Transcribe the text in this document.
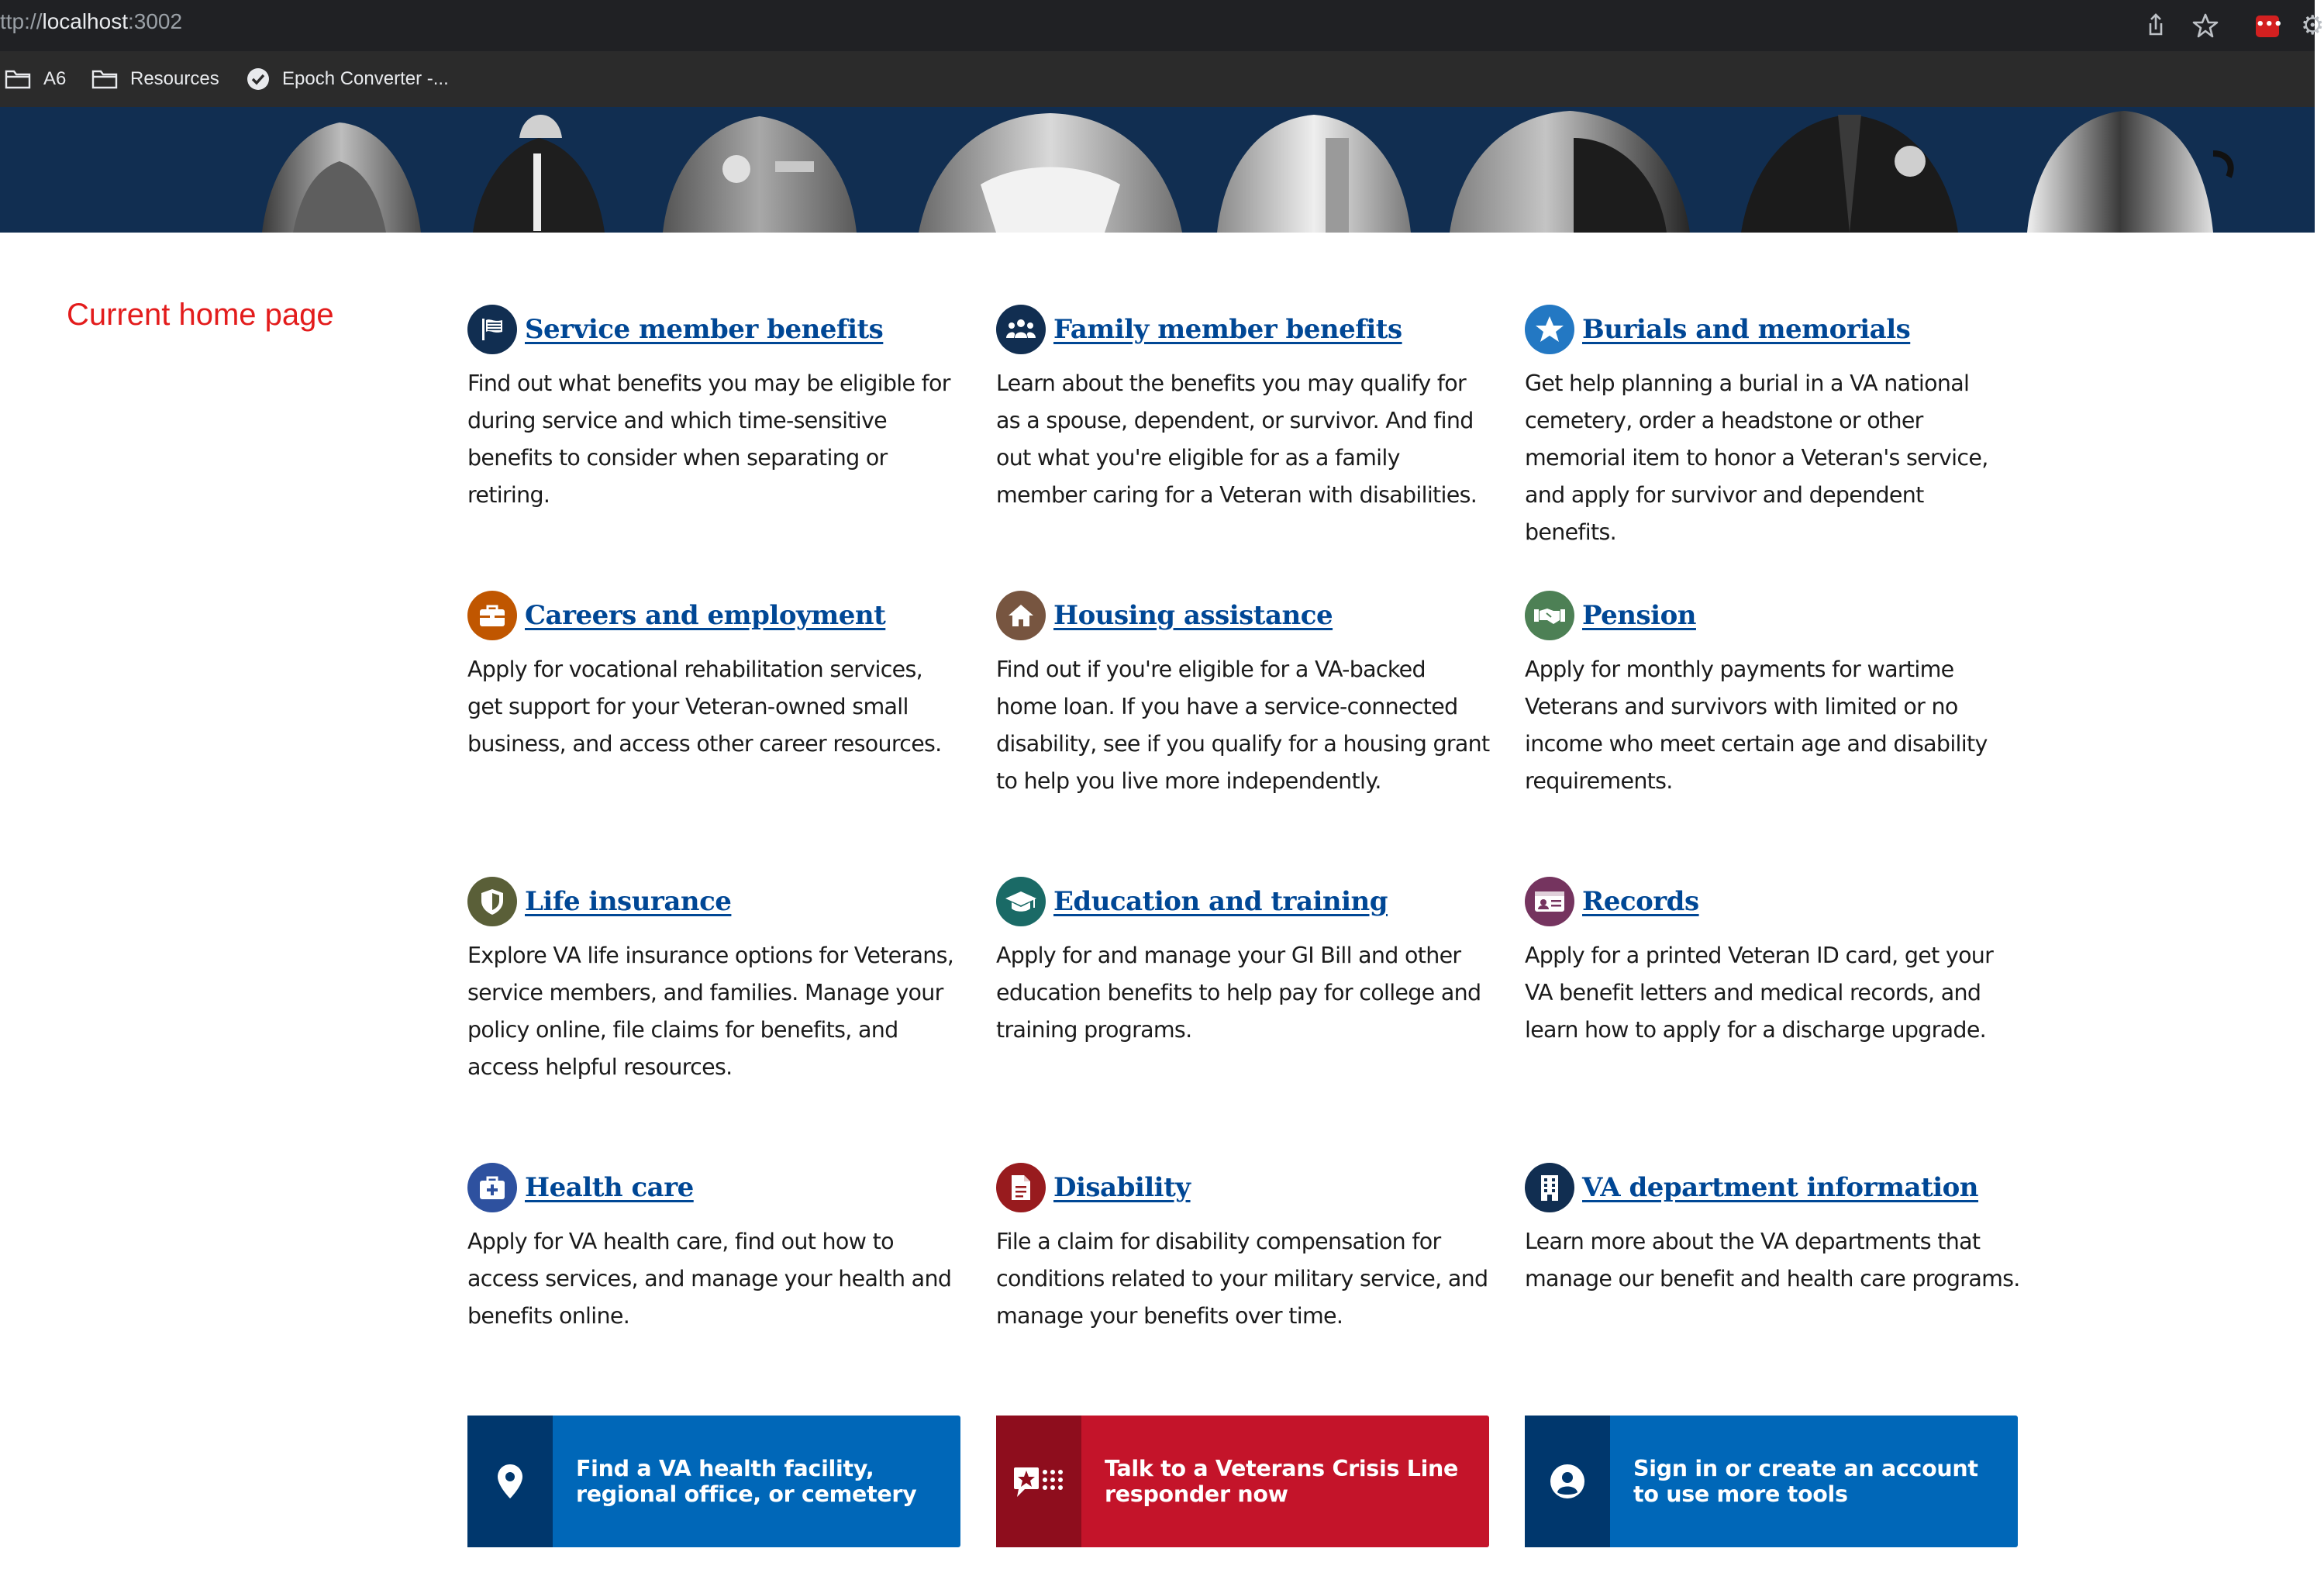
ttp://localhost:3002	••• ⚙
A6	Resources	Epoch Converter -...
Current home page	Service member benefits
Find out what benefits you may be eligible for during service and which time-sensitive benefits to consider when separating or retiring.
Family member benefits
Learn about the benefits you may qualify for as a spouse, dependent, or survivor. And find out what you're eligible for as a family member caring for a Veteran with disabilities.
Burials and memorials
Get help planning a burial in a VA national cemetery, order a headstone or other memorial item to honor a Veteran's service, and apply for survivor and dependent benefits.
Careers and employment
Apply for vocational rehabilitation services, get support for your Veteran-owned small business, and access other career resources.
Housing assistance
Find out if you're eligible for a VA-backed home loan. If you have a service-connected disability, see if you qualify for a housing grant to help you live more independently.
Pension
Apply for monthly payments for wartime Veterans and survivors with limited or no income who meet certain age and disability requirements.
Life insurance
Explore VA life insurance options for Veterans, service members, and families. Manage your policy online, file claims for benefits, and access helpful resources.
Education and training
Apply for and manage your GI Bill and other education benefits to help pay for college and training programs.
Records
Apply for a printed Veteran ID card, get your VA benefit letters and medical records, and learn how to apply for a discharge upgrade.
Health care
Apply for VA health care, find out how to access services, and manage your health and benefits online.
Disability
File a claim for disability compensation for conditions related to your military service, and manage your benefits over time.
VA department information
Learn more about the VA departments that manage our benefit and health care programs.
Find a VA health facility, regional office, or cemetery
Talk to a Veterans Crisis Line responder now
Sign in or create an account to use more tools
